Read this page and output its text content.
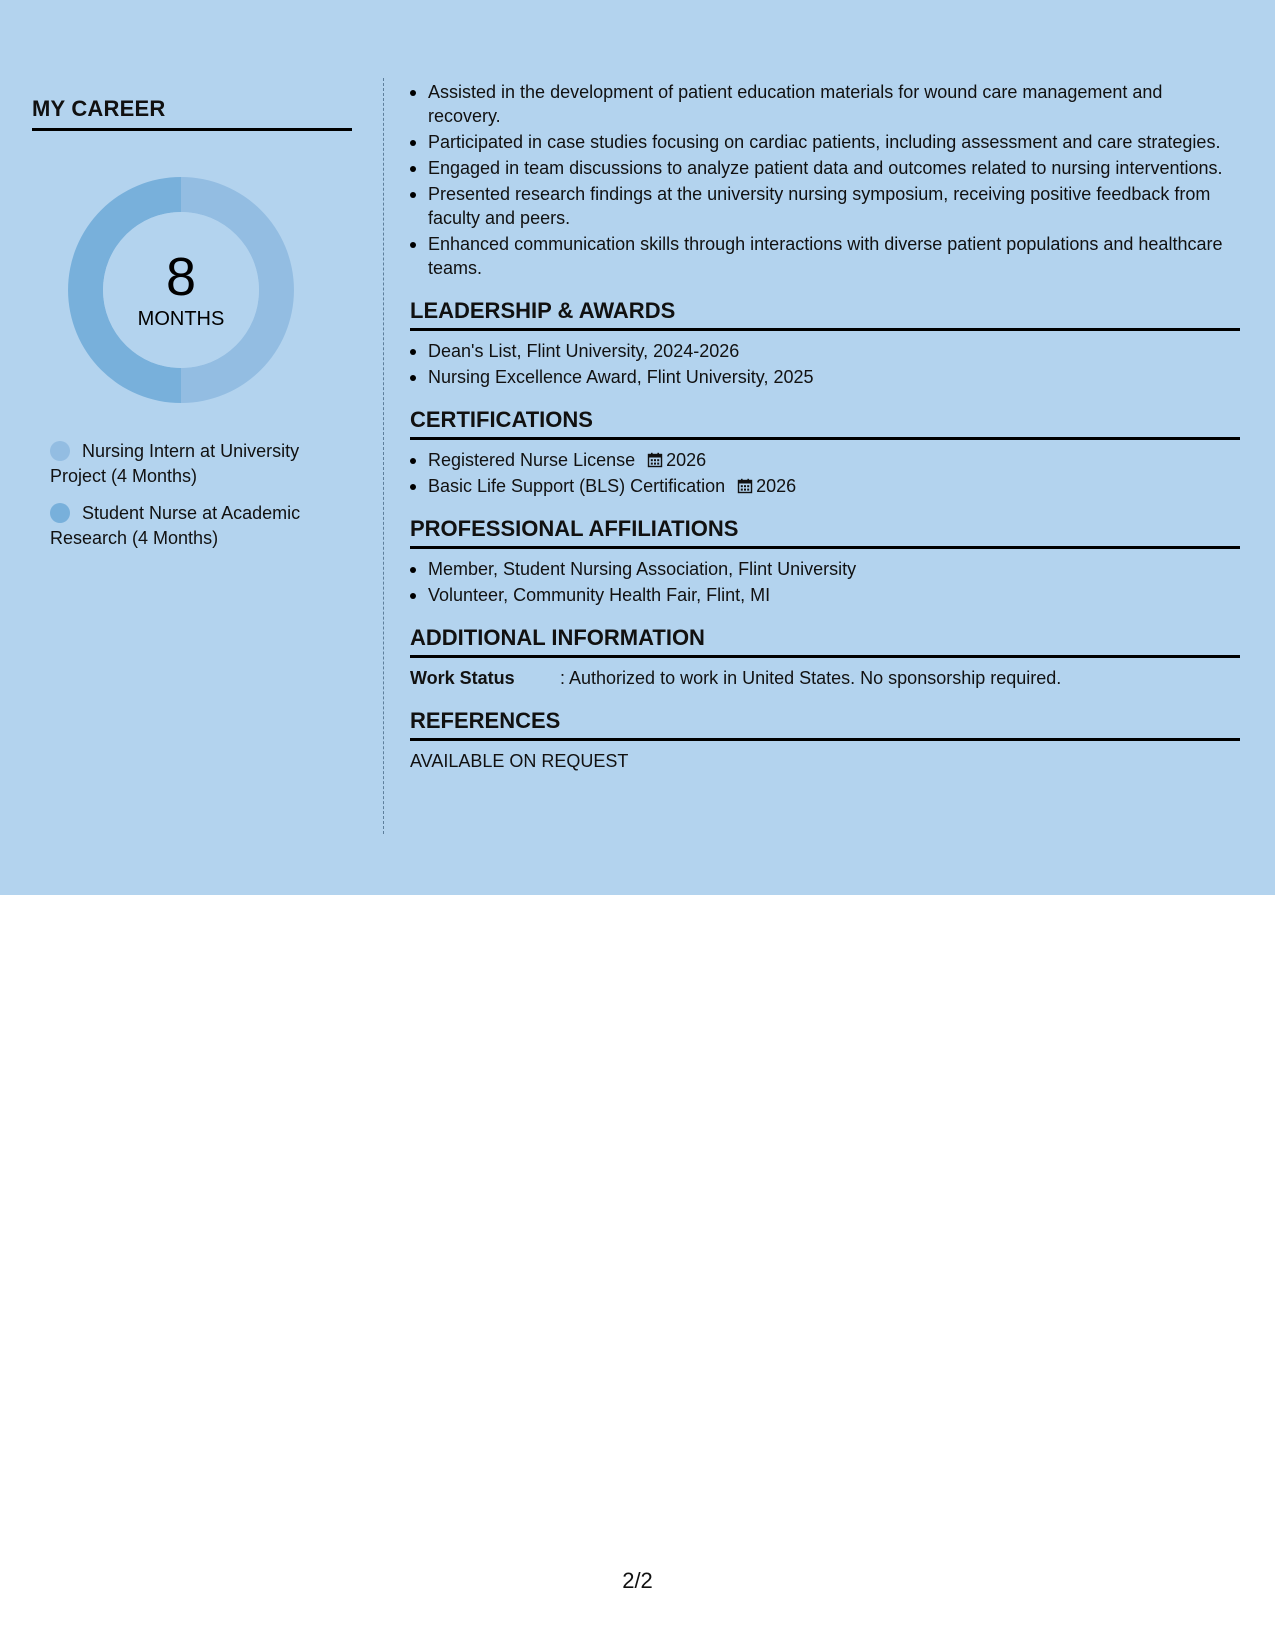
MY CAREER
8
MONTHS
Nursing Intern at University Project (4 Months)
Student Nurse at Academic Research (4 Months)
Assisted in the development of patient education materials for wound care management and recovery.
Participated in case studies focusing on cardiac patients, including assessment and care strategies.
Engaged in team discussions to analyze patient data and outcomes related to nursing interventions.
Presented research findings at the university nursing symposium, receiving positive feedback from faculty and peers.
Enhanced communication skills through interactions with diverse patient populations and healthcare teams.
LEADERSHIP & AWARDS
Dean's List, Flint University, 2024-2026
Nursing Excellence Award, Flint University, 2025
CERTIFICATIONS
Registered Nurse License 2026
Basic Life Support (BLS) Certification 2026
PROFESSIONAL AFFILIATIONS
Member, Student Nursing Association, Flint University
Volunteer, Community Health Fair, Flint, MI
ADDITIONAL INFORMATION
Work Status	: Authorized to work in United States. No sponsorship required.
REFERENCES
AVAILABLE ON REQUEST
2/2
